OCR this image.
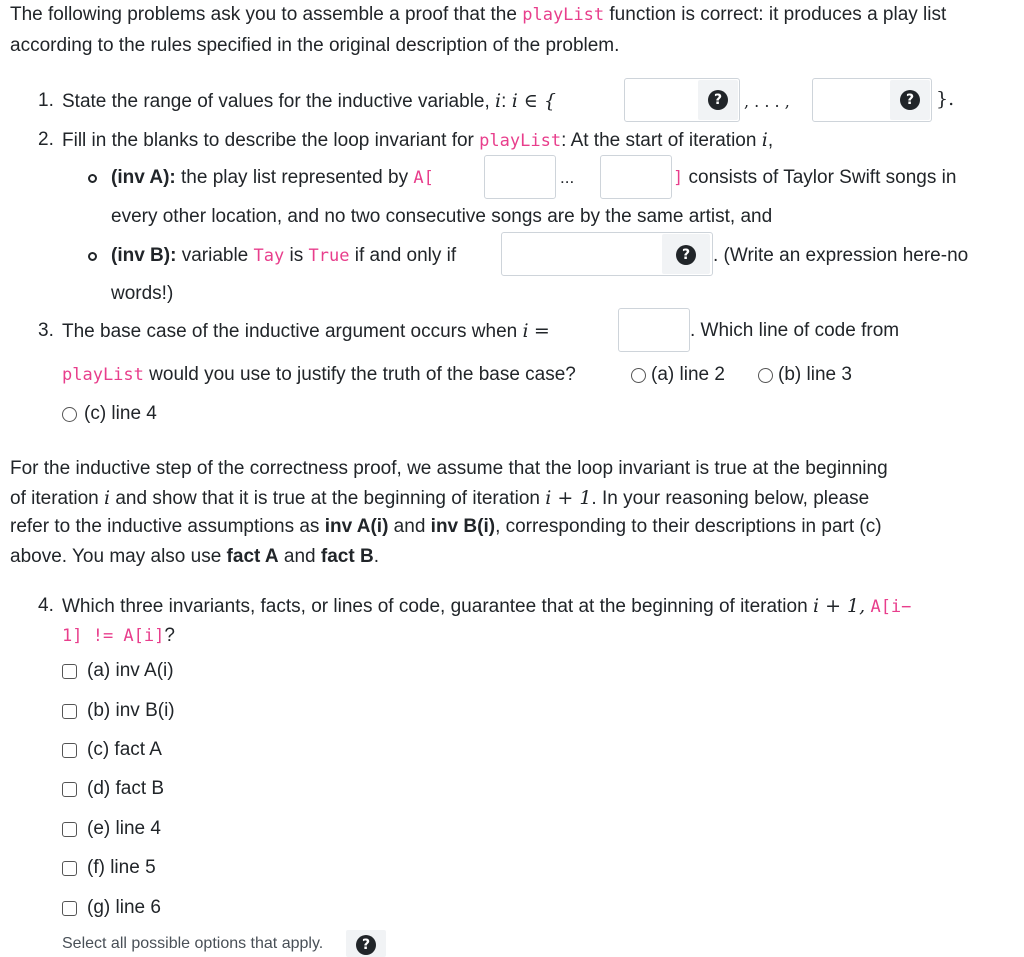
The following problems ask you to assemble a proof that the playList function is correct: it produces a play list according to the rules specified in the original description of the problem.
1. State the range of values for the inductive variable, i: i ∈ {	?	, . . . ,	?	}.
2. Fill in the blanks to describe the loop invariant for playList: At the start of iteration i,
(inv A): the play list represented by A[	...	] consists of Taylor Swift songs in
every other location, and no two consecutive songs are by the same artist, and
(inv B): variable Tay is True if and only if	?	. (Write an expression here-no
words!)
3. The base case of the inductive argument occurs when i =	. Which line of code from
playList would you use to justify the truth of the base case?	(a) line 2	(b) line 3
(c) line 4
For the inductive step of the correctness proof, we assume that the loop invariant is true at the beginning
of iteration i and show that it is true at the beginning of iteration i + 1. In your reasoning below, please
refer to the inductive assumptions as inv A(i) and inv B(i), corresponding to their descriptions in part (c)
above. You may also use fact A and fact B.
4. Which three invariants, facts, or lines of code, guarantee that at the beginning of iteration i + 1, A[i−
1] != A[i]?
(a) inv A(i)
(b) inv B(i)
(c) fact A
(d) fact B
(e) line 4
(f) line 5
(g) line 6
Select all possible options that apply.	?
